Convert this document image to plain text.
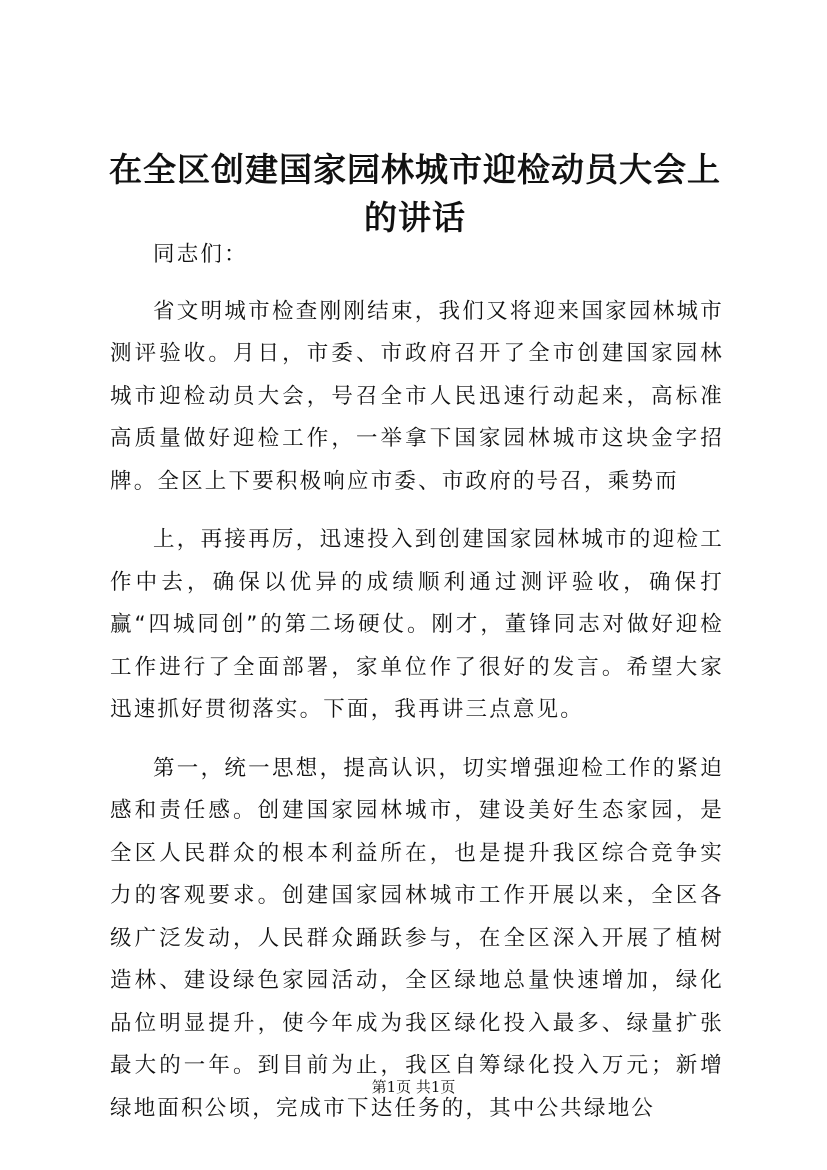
在全区创建国家园林城市迎检动员大会上的讲话

同志们：

省文明城市检查刚刚结束，我们又将迎来国家园林城市测评验收。月日，市委、市政府召开了全市创建国家园林城市迎检动员大会，号召全市人民迅速行动起来，高标准高质量做好迎检工作，一举拿下国家园林城市这块金字招牌。全区上下要积极响应市委、市政府的号召，乘势而

上，再接再厉，迅速投入到创建国家园林城市的迎检工作中去，确保以优异的成绩顺利通过测评验收，确保打赢“四城同创”的第二场硬仗。刚才，董锋同志对做好迎检工作进行了全面部署，家单位作了很好的发言。希望大家迅速抓好贯彻落实。下面，我再讲三点意见。

第一，统一思想，提高认识，切实增强迎检工作的紧迫感和责任感。创建国家园林城市，建设美好生态家园，是全区人民群众的根本利益所在，也是提升我区综合竞争实力的客观要求。创建国家园林城市工作开展以来，全区各级广泛发动，人民群众踊跃参与，在全区深入开展了植树造林、建设绿色家园活动，全区绿地总量快速增加，绿化品位明显提升，使今年成为我区绿化投入最多、绿量扩张最大的一年。到目前为止，我区自筹绿化投入万元；新增绿地面积公顷，完成市下达任务的，其中公共绿地公

第1页 共1页
